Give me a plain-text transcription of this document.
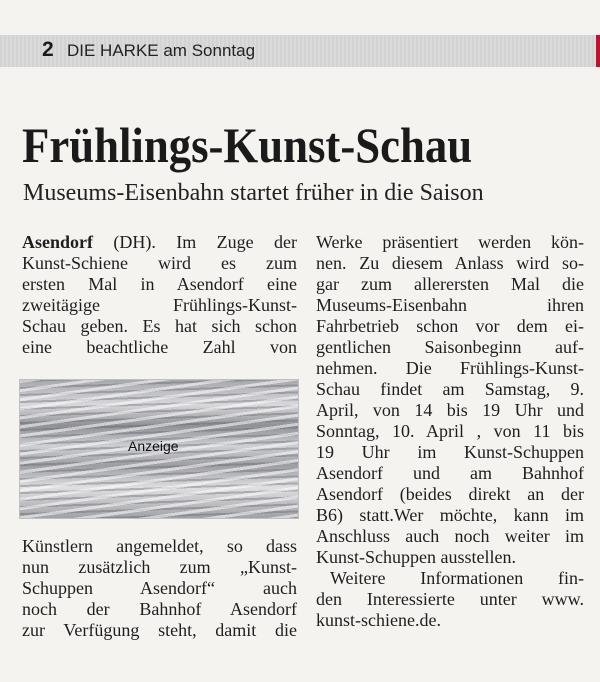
2 DIE HARKE am Sonntag
Frühlings-Kunst-Schau
Museums-Eisenbahn startet früher in die Saison
Asendorf (DH). Im Zuge der
Kunst-Schiene wird es zum
ersten Mal in Asendorf eine
zweitägige Frühlings-Kunst-
Schau geben. Es hat sich schon
eine beachtliche Zahl von
Anzeige
Künstlern angemeldet, so dass
nun zusätzlich zum „Kunst-
Schuppen Asendorf“ auch
noch der Bahnhof Asendorf
zur Verfügung steht, damit die
Werke präsentiert werden kön-
nen. Zu diesem Anlass wird so-
gar zum allerersten Mal die
Museums-Eisenbahn ihren
Fahrbetrieb schon vor dem ei-
gentlichen Saisonbeginn auf-
nehmen. Die Frühlings-Kunst-
Schau findet am Samstag, 9.
April, von 14 bis 19 Uhr und
Sonntag, 10. April , von 11 bis
19 Uhr im Kunst-Schuppen
Asendorf und am Bahnhof
Asendorf (beides direkt an der
B6) statt.Wer möchte, kann im
Anschluss auch noch weiter im
Kunst-Schuppen ausstellen.
Weitere Informationen fin-
den Interessierte unter www.
kunst-schiene.de.
